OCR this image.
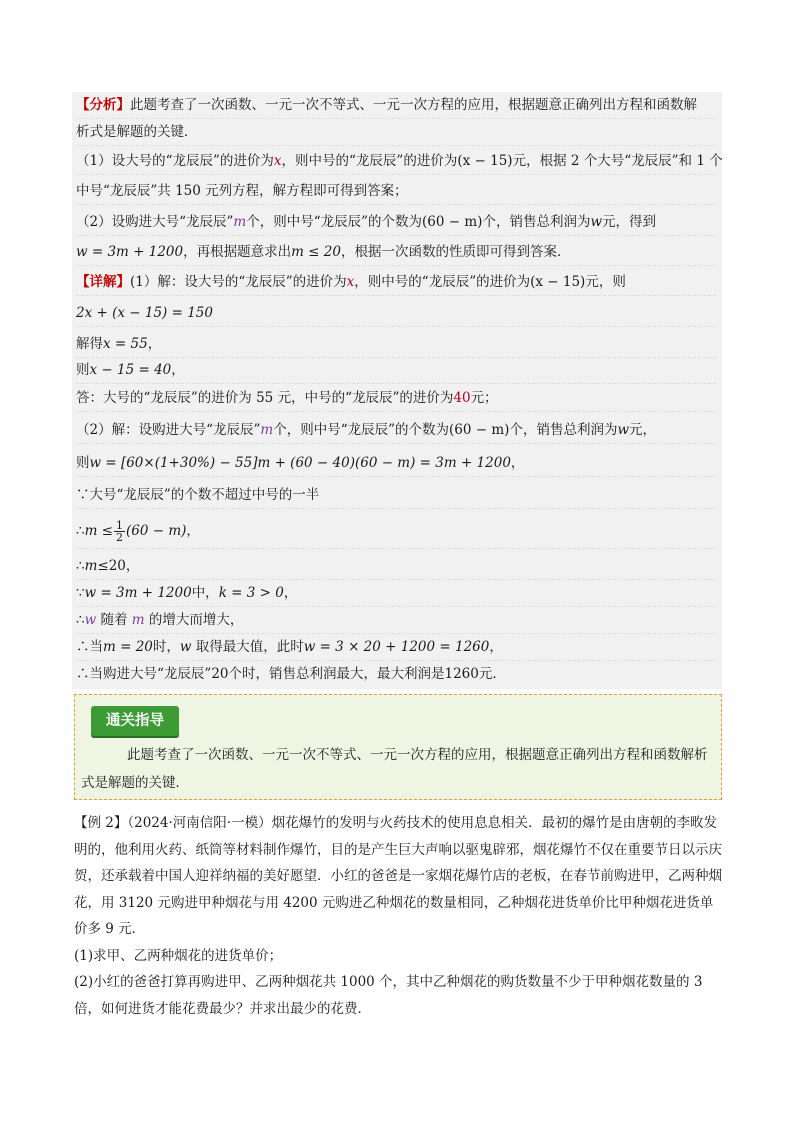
【分析】此题考查了一次函数、一元一次不等式、一元一次方程的应用，根据题意正确列出方程和函数解
析式是解题的关键．
（1）设大号的“龙辰辰”的进价为x，则中号的“龙辰辰”的进价为(x − 15)元，根据 2 个大号“龙辰辰”和 1 个
中号“龙辰辰”共 150 元列方程，解方程即可得到答案；
（2）设购进大号“龙辰辰”m个，则中号“龙辰辰”的个数为(60 − m)个，销售总利润为w元，得到
w = 3m + 1200，再根据题意求出m ≤ 20，根据一次函数的性质即可得到答案．
【详解】(1）解：设大号的“龙辰辰”的进价为x，则中号的“龙辰辰”的进价为(x − 15)元，则
2x + (x − 15) = 150
解得x = 55，
则x − 15 = 40，
答：大号的“龙辰辰”的进价为 55 元，中号的“龙辰辰”的进价为40元；
（2）解：设购进大号“龙辰辰”m个，则中号“龙辰辰”的个数为(60 − m)个，销售总利润为w元，
则w = [60×(1+30%) − 55]m + (60 − 40)(60 − m) = 3m + 1200，
∵大号“龙辰辰”的个数不超过中号的一半
∴m ≤ $\frac{1}{2} (60 - m)$，
∴m≤20，
∵w = 3m + 1200中，k = 3 > 0，
∴w 随着 m 的增大而增大，
∴当m = 20时，w 取得最大值，此时w = 3 × 20 + 1200 = 1260，
∴当购进大号“龙辰辰”20个时，销售总利润最大，最大利润是1260元．
通关指导
此题考查了一次函数、一元一次不等式、一元一次方程的应用，根据题意正确列出方程和函数解析式是解题的关键．

【例 2】（2024·河南信阳·一模）烟花爆竹的发明与火药技术的使用息息相关．最初的爆竹是由唐朝的李畋发明的，他利用火药、纸筒等材料制作爆竹，目的是产生巨大声响以驱鬼辟邪，烟花爆竹不仅在重要节日以示庆贺，还承载着中国人迎祥纳福的美好愿望．小红的爸爸是一家烟花爆竹店的老板，在春节前购进甲，乙两种烟花，用 3120 元购进甲种烟花与用 4200 元购进乙种烟花的数量相同，乙种烟花进货单价比甲种烟花进货单价多 9 元．

(1)求甲、乙两种烟花的进货单价；

(2)小红的爸爸打算再购进甲、乙两种烟花共 1000 个，其中乙种烟花的购货数量不少于甲种烟花数量的 3 倍，如何进货才能花费最少？并求出最少的花费．
